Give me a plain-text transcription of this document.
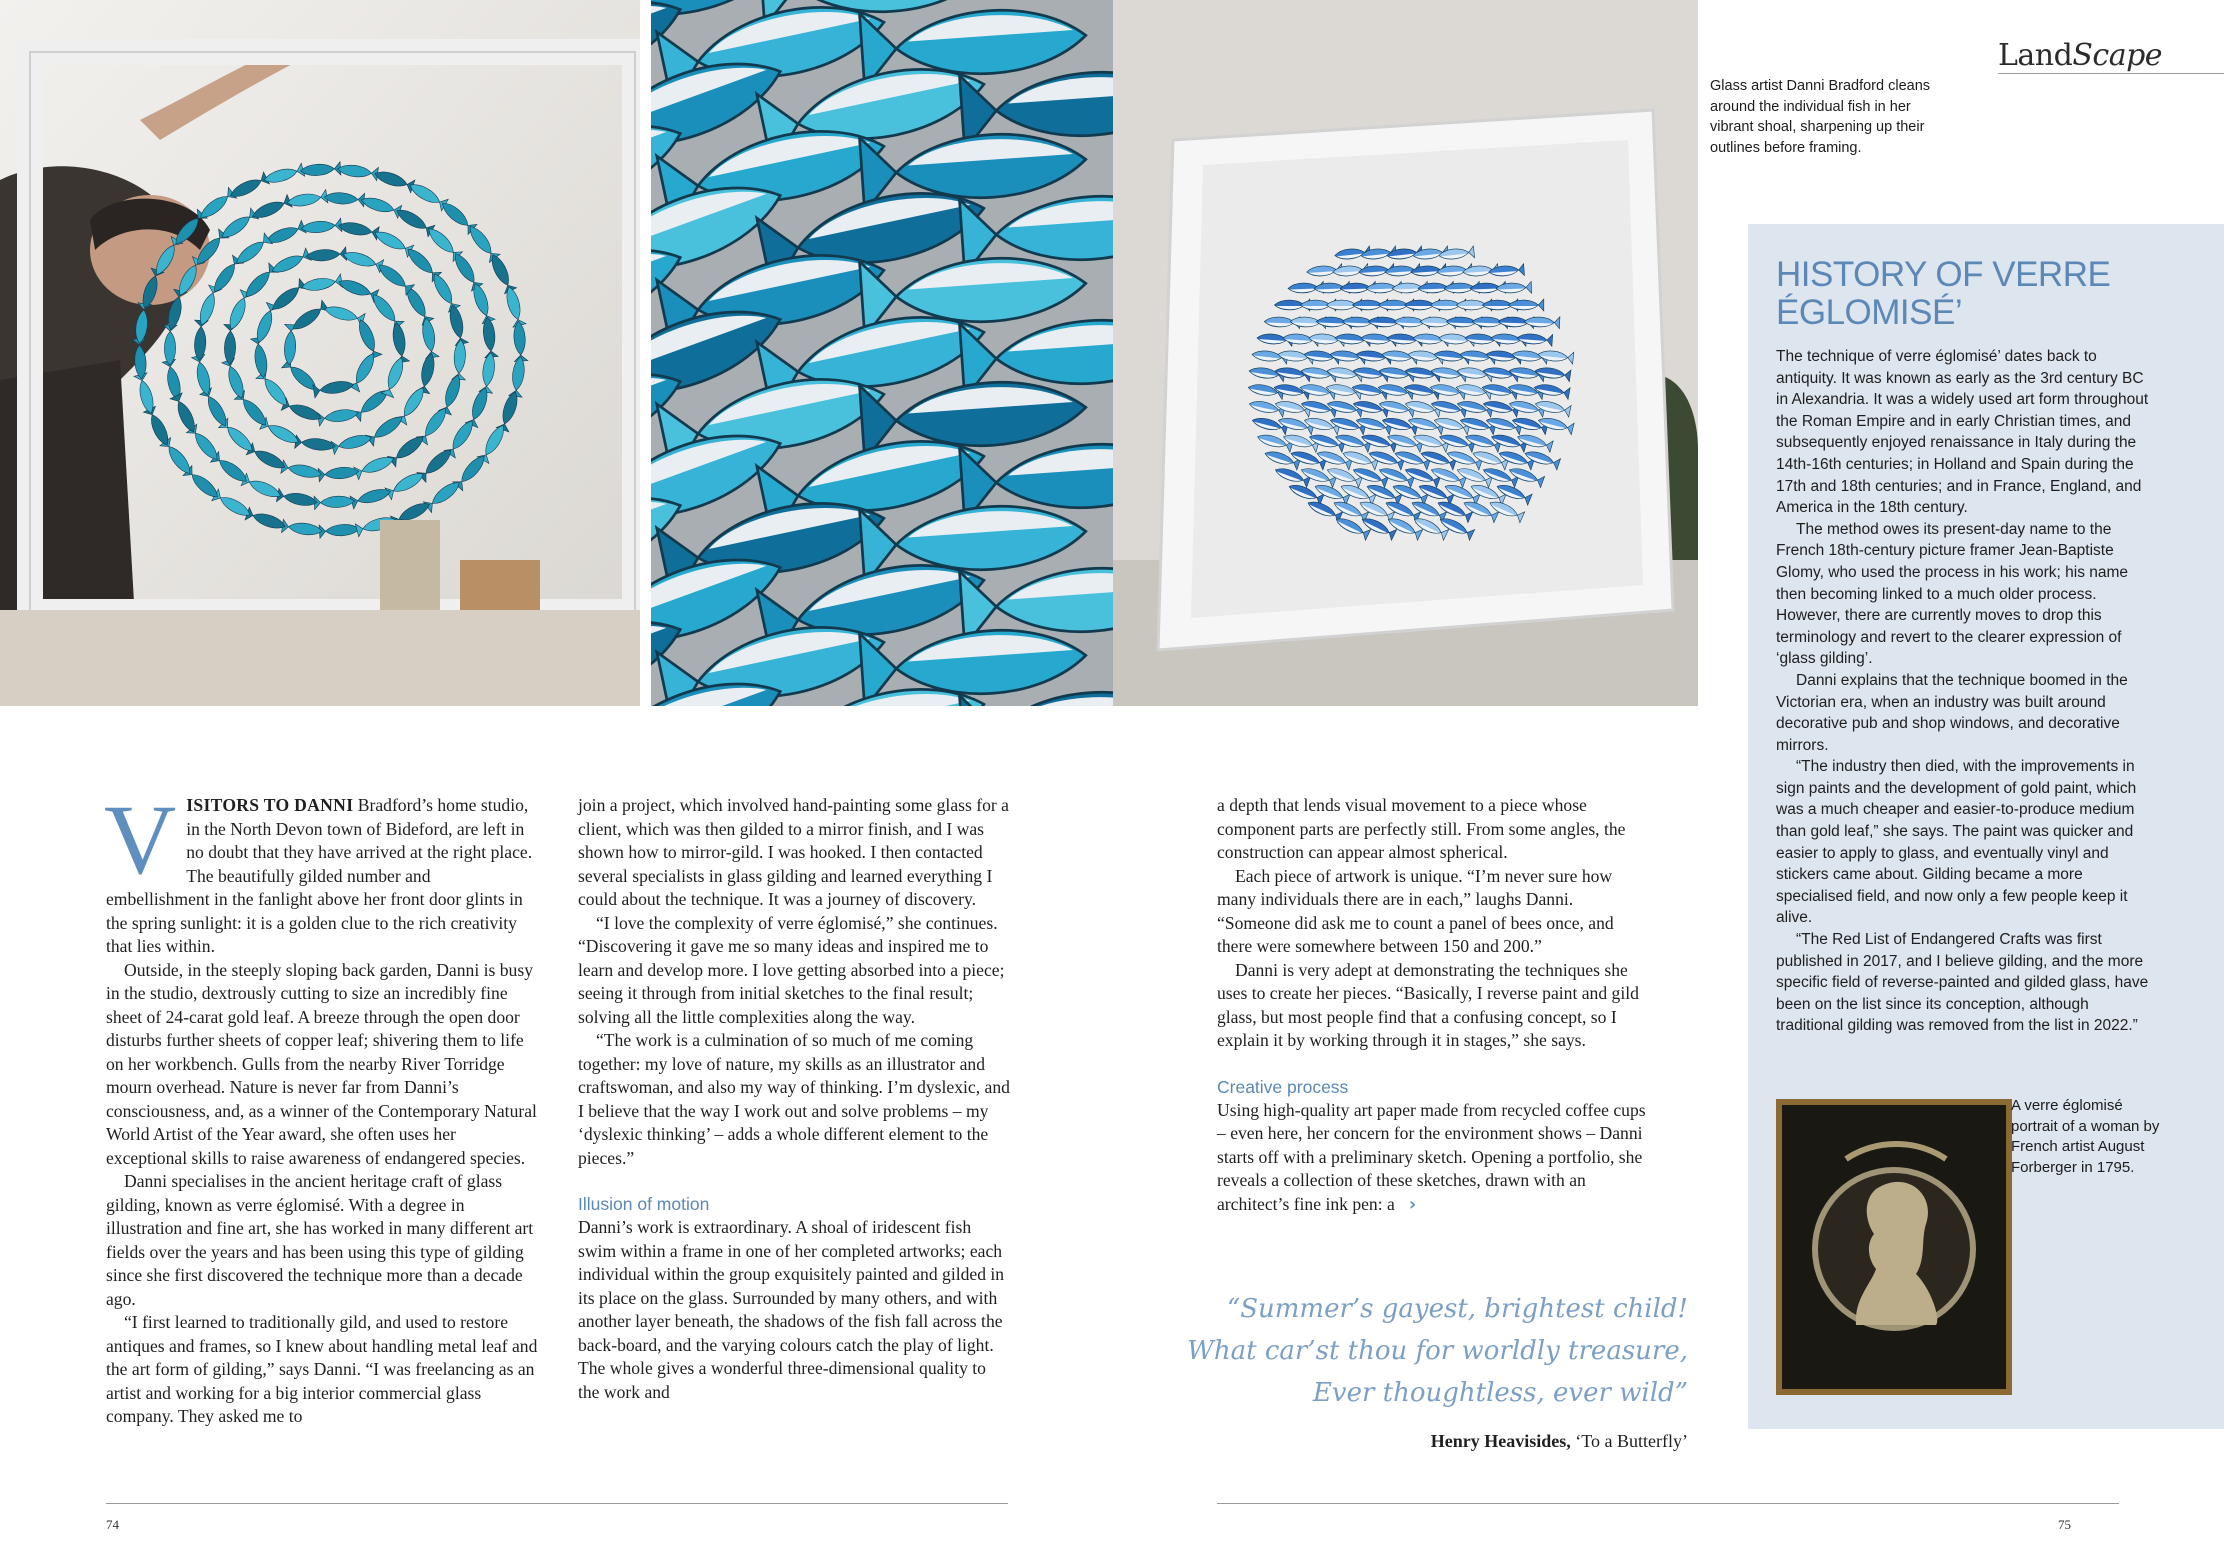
LandScape
Glass artist Danni Bradford cleans around the individual fish in her vibrant shoal, sharpening up their outlines before framing.
HISTORY OF VERRE ÉGLOMISÉ’

The technique of verre églomisé’ dates back to antiquity. It was known as early as the 3rd century BC in Alexandria. It was a widely used art form throughout the Roman Empire and in early Christian times, and subsequently enjoyed renaissance in Italy during the 14th-16th centuries; in Holland and Spain during the 17th and 18th centuries; and in France, England, and America in the 18th century.

The method owes its present-day name to the French 18th-century picture framer Jean-Baptiste Glomy, who used the process in his work; his name then becoming linked to a much older process. However, there are currently moves to drop this terminology and revert to the clearer expression of ‘glass gilding’.

Danni explains that the technique boomed in the Victorian era, when an industry was built around decorative pub and shop windows, and decorative mirrors.

“The industry then died, with the improvements in sign paints and the development of gold paint, which was a much cheaper and easier-to-produce medium than gold leaf,” she says. The paint was quicker and easier to apply to glass, and eventually vinyl and stickers came about. Gilding became a more specialised field, and now only a few people keep it alive.

“The Red List of Endangered Crafts was first published in 2017, and I believe gilding, and the more specific field of reverse-painted and gilded glass, have been on the list since its conception, although traditional gilding was removed from the list in 2022.”

A verre églomisé portrait of a woman by French artist August Forberger in 1795.

VISITORS TO DANNI Bradford’s home studio, in the North Devon town of Bideford, are left in no doubt that they have arrived at the right place. The beautifully gilded number and embellishment in the fanlight above her front door glints in the spring sunlight: it is a golden clue to the rich creativity that lies within.

Outside, in the steeply sloping back garden, Danni is busy in the studio, dextrously cutting to size an incredibly fine sheet of 24-carat gold leaf. A breeze through the open door disturbs further sheets of copper leaf; shivering them to life on her workbench. Gulls from the nearby River Torridge mourn overhead. Nature is never far from Danni’s consciousness, and, as a winner of the Contemporary Natural World Artist of the Year award, she often uses her exceptional skills to raise awareness of endangered species.

Danni specialises in the ancient heritage craft of glass gilding, known as verre églomisé. With a degree in illustration and fine art, she has worked in many different art fields over the years and has been using this type of gilding since she first discovered the technique more than a decade ago.

“I first learned to traditionally gild, and used to restore antiques and frames, so I knew about handling metal leaf and the art form of gilding,” says Danni. “I was freelancing as an artist and working for a big interior commercial glass company. They asked me to

join a project, which involved hand-painting some glass for a client, which was then gilded to a mirror finish, and I was shown how to mirror-gild. I was hooked. I then contacted several specialists in glass gilding and learned everything I could about the technique. It was a journey of discovery.

“I love the complexity of verre églomisé,” she continues. “Discovering it gave me so many ideas and inspired me to learn and develop more. I love getting absorbed into a piece; seeing it through from initial sketches to the final result; solving all the little complexities along the way.

“The work is a culmination of so much of me coming together: my love of nature, my skills as an illustrator and craftswoman, and also my way of thinking. I’m dyslexic, and I believe that the way I work out and solve problems – my ‘dyslexic thinking’ – adds a whole different element to the pieces.”

Illusion of motion

Danni’s work is extraordinary. A shoal of iridescent fish swim within a frame in one of her completed artworks; each individual within the group exquisitely painted and gilded in its place on the glass. Surrounded by many others, and with another layer beneath, the shadows of the fish fall across the back-board, and the varying colours catch the play of light. The whole gives a wonderful three-dimensional quality to the work and

a depth that lends visual movement to a piece whose component parts are perfectly still. From some angles, the construction can appear almost spherical.

Each piece of artwork is unique. “I’m never sure how many individuals there are in each,” laughs Danni. “Someone did ask me to count a panel of bees once, and there were somewhere between 150 and 200.”

Danni is very adept at demonstrating the techniques she uses to create her pieces. “Basically, I reverse paint and gild glass, but most people find that a confusing concept, so I explain it by working through it in stages,” she says.

Creative process

Using high-quality art paper made from recycled coffee cups – even here, her concern for the environment shows – Danni starts off with a preliminary sketch. Opening a portfolio, she reveals a collection of these sketches, drawn with an architect’s fine ink pen: a ›

“Summer’s gayest, brightest child!
What car’st thou for worldly treasure,
Ever thoughtless, ever wild”
Henry Heavisides, ‘To a Butterfly’
74	75
